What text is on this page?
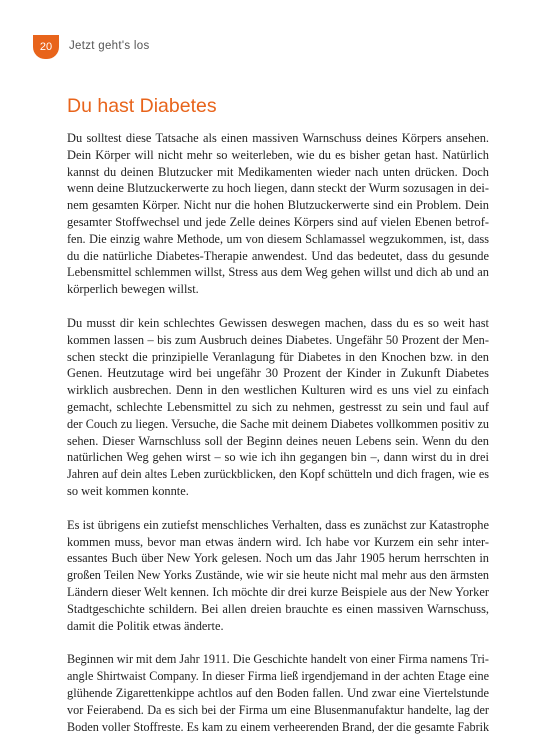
20	Jetzt geht's los
Du hast Diabetes
Du solltest diese Tatsache als einen massiven Warnschuss deines Körpers ansehen.
Dein Körper will nicht mehr so weiterleben, wie du es bisher getan hast. Natürlich
kannst du deinen Blutzucker mit Medikamenten wieder nach unten drücken. Doch
wenn deine Blutzuckerwerte zu hoch liegen, dann steckt der Wurm sozusagen in dei-
nem gesamten Körper. Nicht nur die hohen Blutzuckerwerte sind ein Problem. Dein
gesamter Stoffwechsel und jede Zelle deines Körpers sind auf vielen Ebenen betrof-
fen. Die einzig wahre Methode, um von diesem Schlamassel wegzukommen, ist, dass
du die natürliche Diabetes-Therapie anwendest. Und das bedeutet, dass du gesunde
Lebensmittel schlemmen willst, Stress aus dem Weg gehen willst und dich ab und an
körperlich bewegen willst.
Du musst dir kein schlechtes Gewissen deswegen machen, dass du es so weit hast
kommen lassen – bis zum Ausbruch deines Diabetes. Ungefähr 50 Prozent der Men-
schen steckt die prinzipielle Veranlagung für Diabetes in den Knochen bzw. in den
Genen. Heutzutage wird bei ungefähr 30 Prozent der Kinder in Zukunft Diabetes
wirklich ausbrechen. Denn in den westlichen Kulturen wird es uns viel zu einfach
gemacht, schlechte Lebensmittel zu sich zu nehmen, gestresst zu sein und faul auf
der Couch zu liegen. Versuche, die Sache mit deinem Diabetes vollkommen positiv zu
sehen. Dieser Warnschluss soll der Beginn deines neuen Lebens sein. Wenn du den
natürlichen Weg gehen wirst – so wie ich ihn gegangen bin –, dann wirst du in drei
Jahren auf dein altes Leben zurückblicken, den Kopf schütteln und dich fragen, wie es
so weit kommen konnte.
Es ist übrigens ein zutiefst menschliches Verhalten, dass es zunächst zur Katastrophe
kommen muss, bevor man etwas ändern wird. Ich habe vor Kurzem ein sehr inter-
essantes Buch über New York gelesen. Noch um das Jahr 1905 herum herrschten in
großen Teilen New Yorks Zustände, wie wir sie heute nicht mal mehr aus den ärmsten
Ländern dieser Welt kennen. Ich möchte dir drei kurze Beispiele aus der New Yorker
Stadtgeschichte schildern. Bei allen dreien brauchte es einen massiven Warnschuss,
damit die Politik etwas änderte.
Beginnen wir mit dem Jahr 1911. Die Geschichte handelt von einer Firma namens Tri-
angle Shirtwaist Company. In dieser Firma ließ irgendjemand in der achten Etage eine
glühende Zigarettenkippe achtlos auf den Boden fallen. Und zwar eine Viertelstunde
vor Feierabend. Da es sich bei der Firma um eine Blusenmanufaktur handelte, lag der
Boden voller Stoffreste. Es kam zu einem verheerenden Brand, der die gesamte Fabrik
